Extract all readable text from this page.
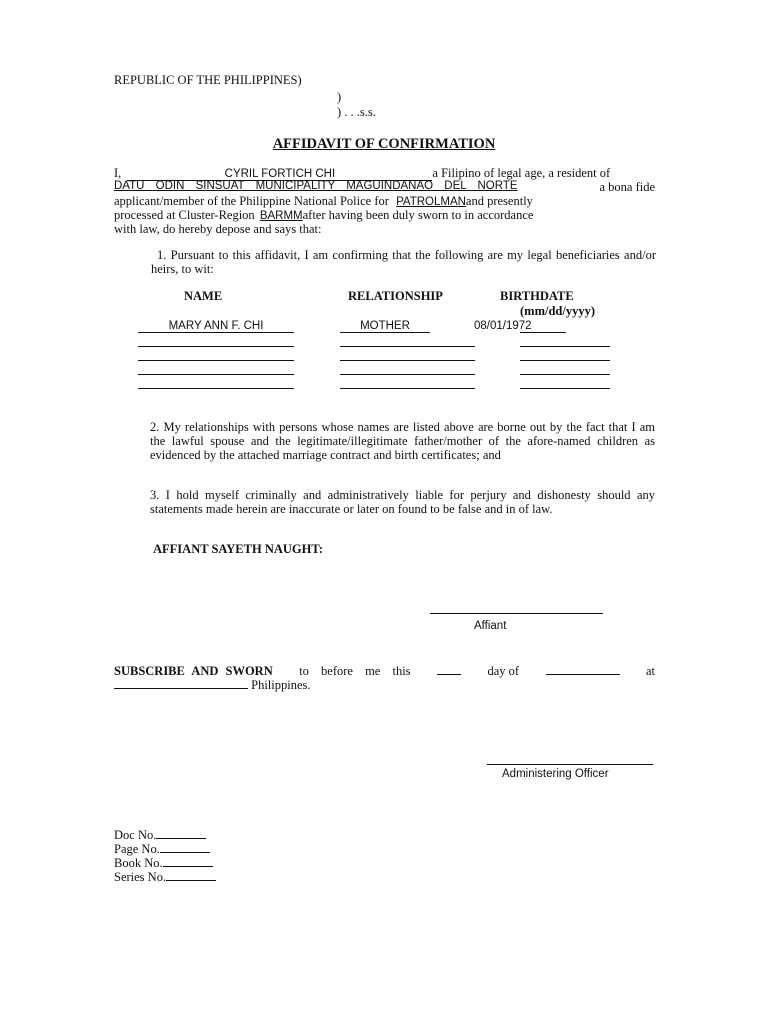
REPUBLIC OF THE PHILIPPINES)
)
) . . .s.s.
AFFIDAVIT OF CONFIRMATION
I,	CYRIL FORTICH CHI	a Filipino of legal age, a resident of
DATU ODIN SINSUAT MUNICIPALITY MAGUINDANAO DEL NORTE	a bona fide
applicant/member of the Philippine National Police for PATROLMANand presently
processed at Cluster-Region BARMMafter having been duly sworn to in accordance
with law, do hereby depose and says that:
1. Pursuant to this affidavit, I am confirming that the following are my legal beneficiaries and/or heirs, to wit:
NAME	RELATIONSHIP	BIRTHDATE
(mm/dd/yyyy)
MARY ANN F. CHI	MOTHER	08/01/1972
2. My relationships with persons whose names are listed above are borne out by the fact that I am the lawful spouse and the legitimate/illegitimate father/mother of the afore-named children as evidenced by the attached marriage contract and birth certificates; and
3. I hold myself criminally and administratively liable for perjury and dishonesty should any statements made herein are inaccurate or later on found to be false and in of law.
AFFIANT SAYETH NAUGHT:
Affiant
SUBSCRIBE AND SWORN to before me this	day of	at
Philippines.
Administering Officer
Doc No.
Page No.
Book No.
Series No.
